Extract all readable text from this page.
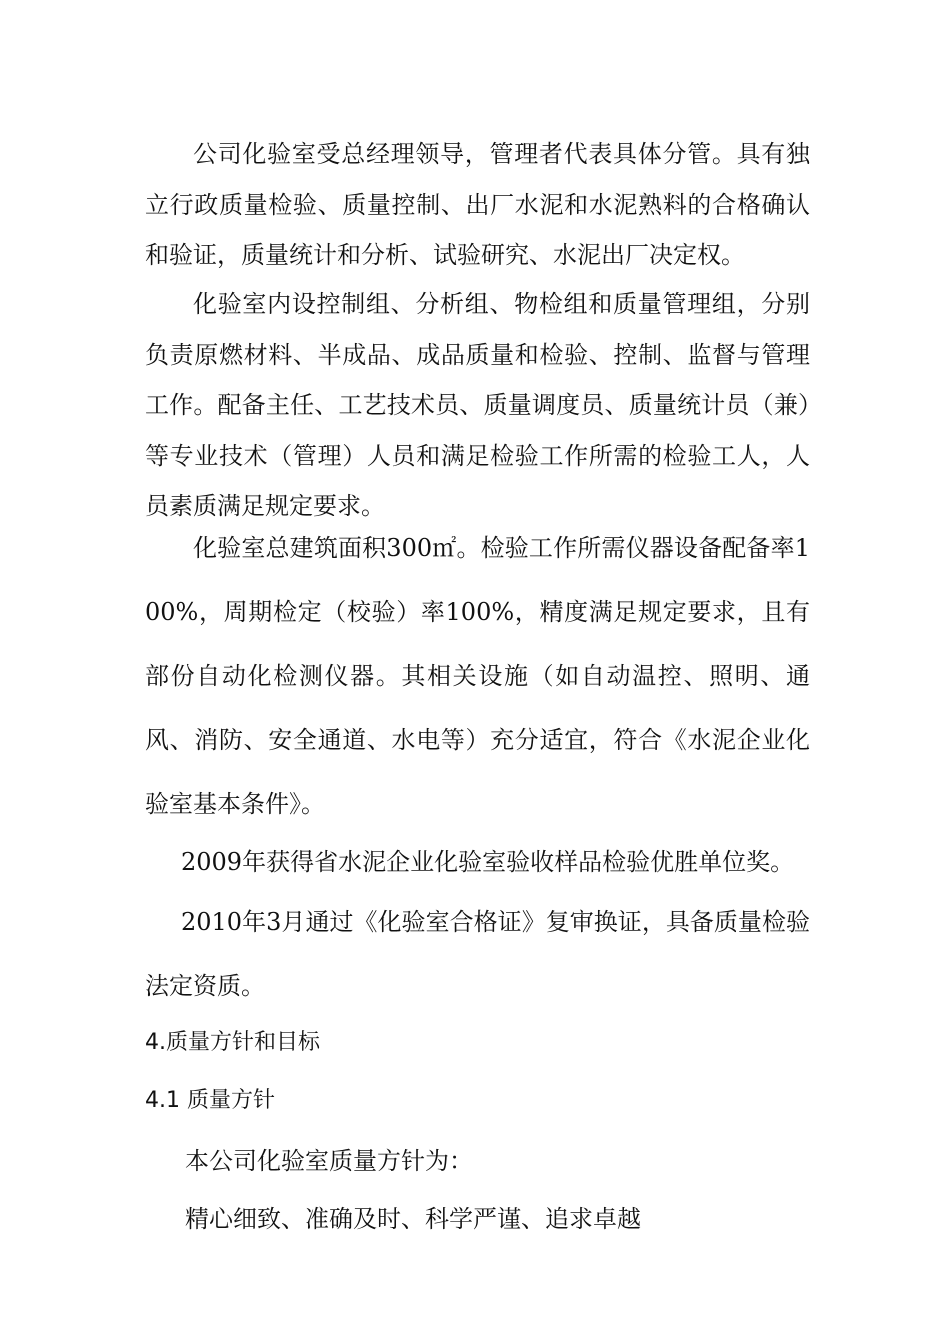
公司化验室受总经理领导，管理者代表具体分管。具有独立行政质量检验、质量控制、出厂水泥和水泥熟料的合格确认和验证，质量统计和分析、试验研究、水泥出厂决定权。

化验室内设控制组、分析组、物检组和质量管理组，分别负责原燃材料、半成品、成品质量和检验、控制、监督与管理工作。配备主任、工艺技术员、质量调度员、质量统计员（兼）等专业技术（管理）人员和满足检验工作所需的检验工人，人员素质满足规定要求。

化验室总建筑面积300㎡。检验工作所需仪器设备配备率100%，周期检定（校验）率100%，精度满足规定要求，且有部份自动化检测仪器。其相关设施（如自动温控、照明、通风、消防、安全通道、水电等）充分适宜，符合《水泥企业化验室基本条件》。

2009年获得省水泥企业化验室验收样品检验优胜单位奖。

2010年3月通过《化验室合格证》复审换证，具备质量检验法定资质。

4.质量方针和目标
4.1 质量方针

本公司化验室质量方针为：

精心细致、准确及时、科学严谨、追求卓越
